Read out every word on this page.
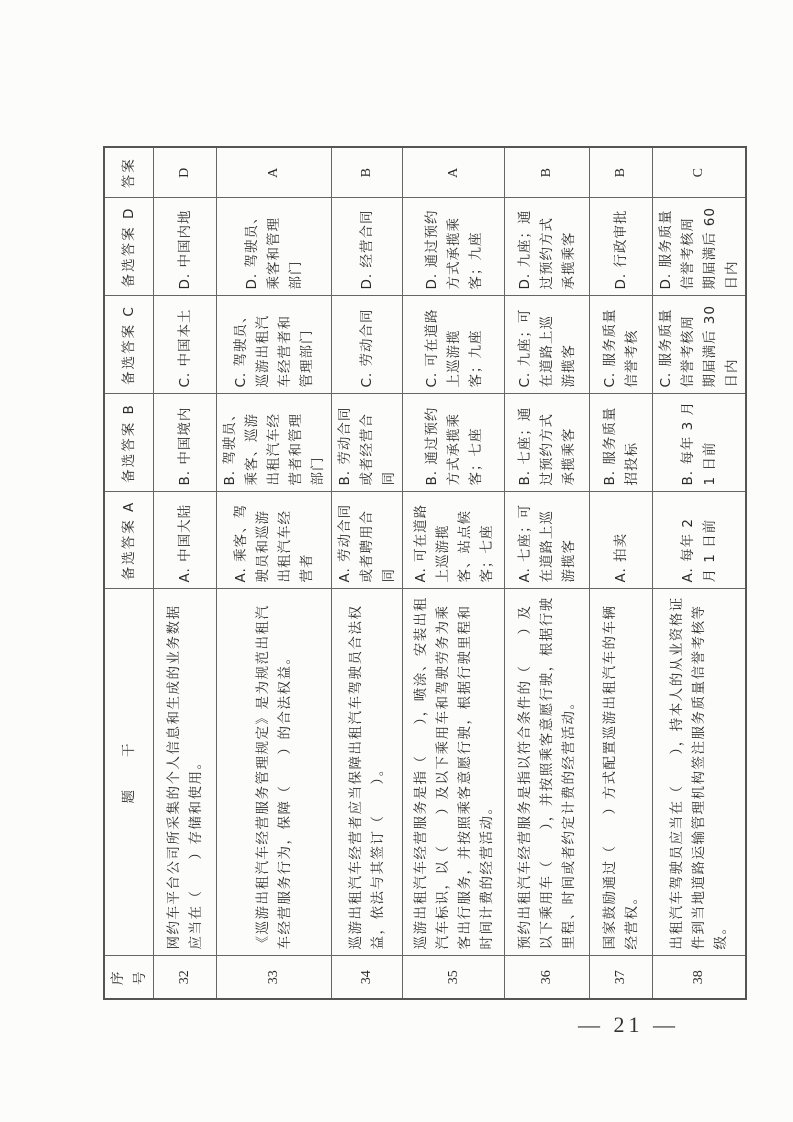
序号	题　　干	备选答案 A	备选答案 B	备选答案 C	备选答案 D	答案
32	网约车平台公司所采集的个人信息和生成的业务数据应当在（　　）存储和使用。	A. 中国大陆	B. 中国境内	C. 中国本土	D. 中国内地	D
33	《巡游出租汽车经营服务管理规定》是为规范出租汽车经营服务行为，保障（　　）的合法权益。	A. 乘客、驾驶员和巡游出租汽车经营者	B. 驾驶员、乘客、巡游出租汽车经营者和管理部门	C. 驾驶员、巡游出租汽车经营者和管理部门	D. 驾驶员、乘客和管理部门	A
34	巡游出租汽车经营者应当保障出租汽车驾驶员合法权益，依法与其签订（　　）。	A. 劳动合同或者聘用合同	B. 劳动合同或者经营合同	C. 劳动合同	D. 经营合同	B
35	巡游出租汽车经营服务是指（　　），喷涂、安装出租汽车标识，以（　　）及以下乘用车和驾驶劳务为乘客出行服务，并按照乘客意愿行驶，根据行驶里程和时间计费的经营活动。	A. 可在道路上巡游揽客、站点候客；七座	B. 通过预约方式承揽乘客；七座	C. 可在道路上巡游揽客；九座	D. 通过预约方式承揽乘客；九座	A
36	预约出租汽车经营服务是指以符合条件的（　　）及以下乘用车（　　），并按照乘客意愿行驶，根据行驶里程、时间或者约定计费的经营活动。	A. 七座；可在道路上巡游揽客	B. 七座；通过预约方式承揽乘客	C. 九座；可在道路上巡游揽客	D. 九座；通过预约方式承揽乘客	B
37	国家鼓励通过（　　）方式配置巡游出租汽车的车辆经营权。	A. 拍卖	B. 服务质量招投标	C. 服务质量信誉考核	D. 行政审批	B
38	出租汽车驾驶员应当在（　　），持本人的从业资格证件到当地道路运输管理机构签注服务质量信誉考核等级。	A. 每年 2 月 1 日前	B. 每年 3 月 1 日前	C. 服务质量信誉考核周期届满后 30 日内	D. 服务质量信誉考核周期届满后 60 日内	C
— 21 —
